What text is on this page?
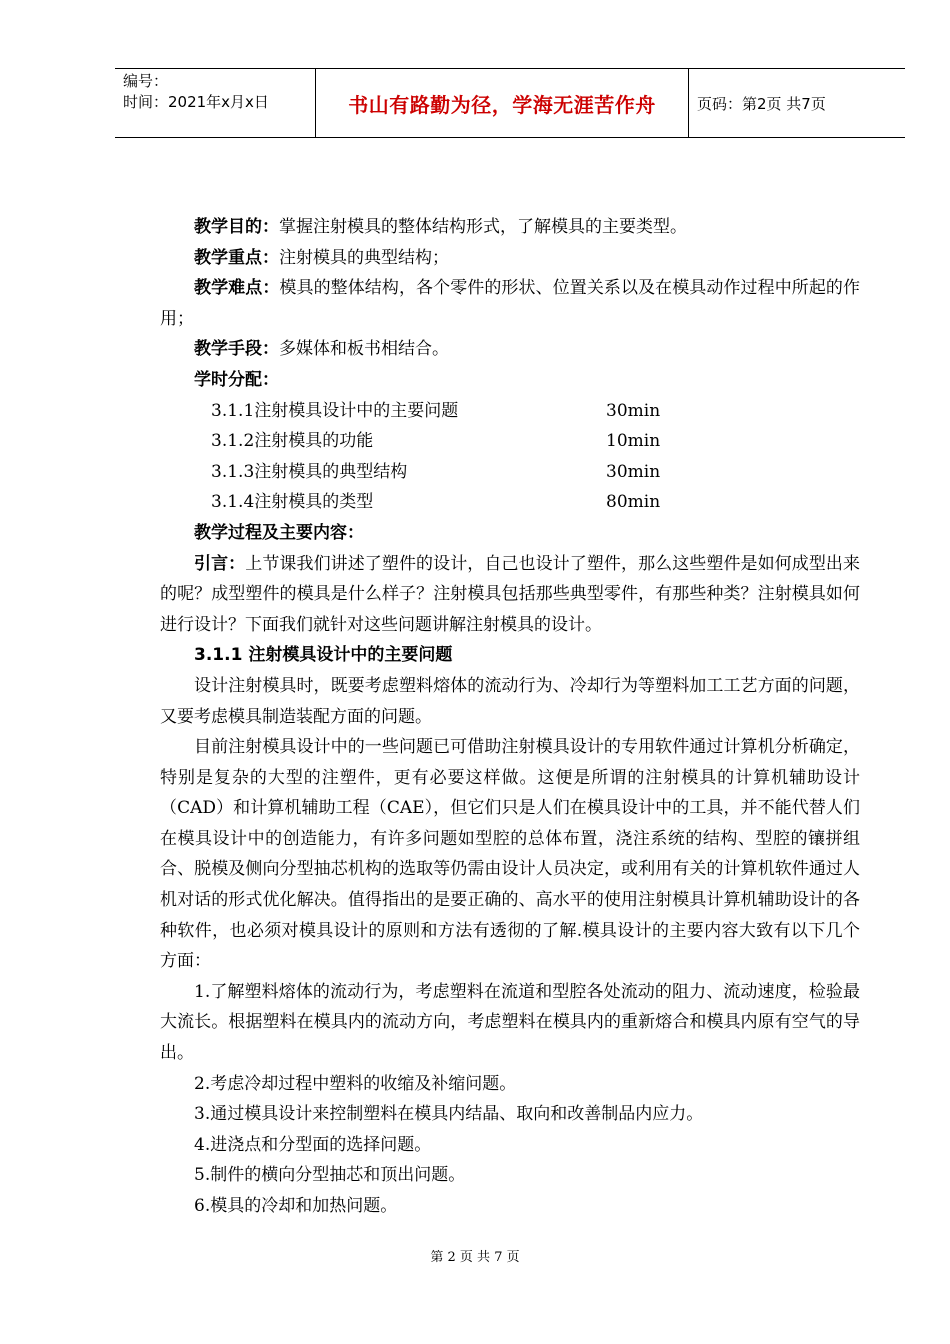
编号：
时间：2021年x月x日	书山有路勤为径，学海无涯苦作舟	页码：第2页 共7页

教学目的：掌握注射模具的整体结构形式，了解模具的主要类型。

教学重点：注射模具的典型结构；

教学难点：模具的整体结构，各个零件的形状、位置关系以及在模具动作过程中所起的作用；

教学手段：多媒体和板书相结合。

学时分配：

3.1.1注射模具设计中的主要问题	30min
3.1.2注射模具的功能	10min
3.1.3注射模具的典型结构	30min
3.1.4注射模具的类型	80min

教学过程及主要内容：

引言：上节课我们讲述了塑件的设计，自己也设计了塑件，那么这些塑件是如何成型出来的呢？成型塑件的模具是什么样子？注射模具包括那些典型零件，有那些种类？注射模具如何进行设计？下面我们就针对这些问题讲解注射模具的设计。

3.1.1 注射模具设计中的主要问题

设计注射模具时，既要考虑塑料熔体的流动行为、冷却行为等塑料加工工艺方面的问题，又要考虑模具制造装配方面的问题。

目前注射模具设计中的一些问题已可借助注射模具设计的专用软件通过计算机分析确定，特别是复杂的大型的注塑件，更有必要这样做。这便是所谓的注射模具的计算机辅助设计（CAD）和计算机辅助工程（CAE），但它们只是人们在模具设计中的工具，并不能代替人们在模具设计中的创造能力，有许多问题如型腔的总体布置，浇注系统的结构、型腔的镶拼组合、脱模及侧向分型抽芯机构的选取等仍需由设计人员决定，或利用有关的计算机软件通过人机对话的形式优化解决。值得指出的是要正确的、高水平的使用注射模具计算机辅助设计的各种软件，也必须对模具设计的原则和方法有透彻的了解.模具设计的主要内容大致有以下几个方面：

1.了解塑料熔体的流动行为，考虑塑料在流道和型腔各处流动的阻力、流动速度，检验最大流长。根据塑料在模具内的流动方向，考虑塑料在模具内的重新熔合和模具内原有空气的导出。

2.考虑冷却过程中塑料的收缩及补缩问题。

3.通过模具设计来控制塑料在模具内结晶、取向和改善制品内应力。

4.进浇点和分型面的选择问题。

5.制件的横向分型抽芯和顶出问题。

6.模具的冷却和加热问题。

第 2 页 共 7 页
